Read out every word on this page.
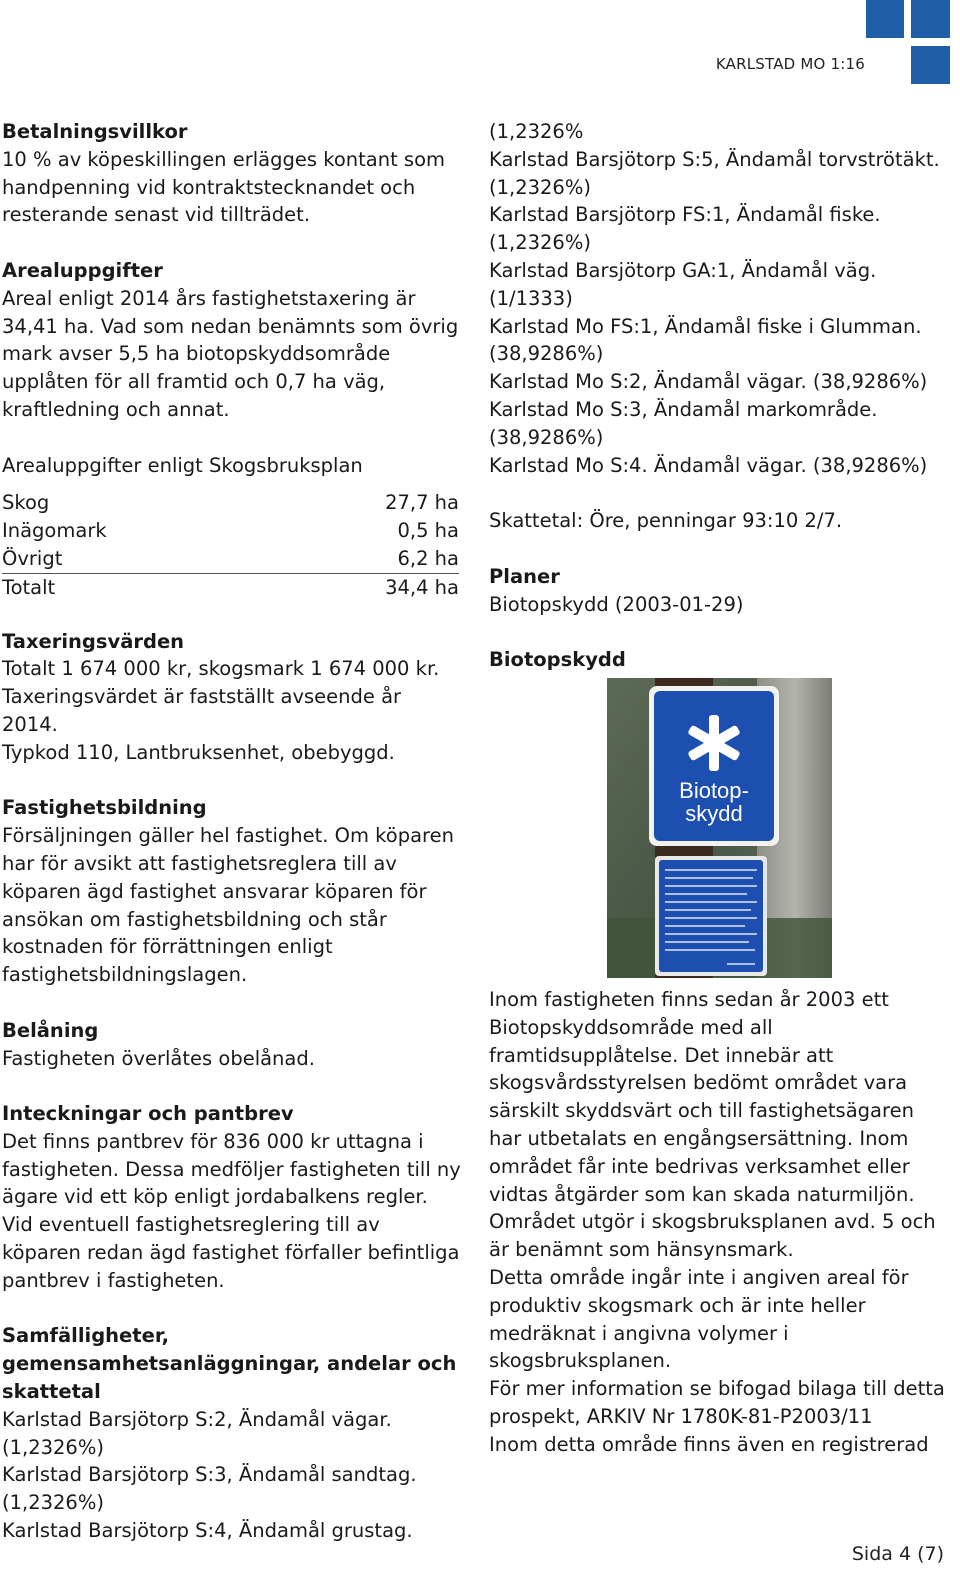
KARLSTAD MO 1:16
Betalningsvillkor
10 % av köpeskillingen erlägges kontant som handpenning vid kontraktstecknandet och resterande senast vid tillträdet.
Arealuppgifter
Areal enligt 2014 års fastighetstaxering är 34,41 ha. Vad som nedan benämnts som övrig mark avser 5,5 ha biotopskyddsområde upplåten för all framtid och 0,7 ha väg, kraftledning och annat.
Arealuppgifter enligt Skogsbruksplan
Skog	27,7 ha
Inägomark	0,5 ha
Övrigt	6,2 ha
Totalt	34,4 ha
Taxeringsvärden
Totalt 1 674 000 kr, skogsmark 1 674 000 kr.
Taxeringsvärdet är fastställt avseende år 2014.
Typkod 110, Lantbruksenhet, obebyggd.
Fastighetsbildning
Försäljningen gäller hel fastighet. Om köparen har för avsikt att fastighetsreglera till av köparen ägd fastighet ansvarar köparen för ansökan om fastighetsbildning och står kostnaden för förrättningen enligt fastighetsbildningslagen.
Belåning
Fastigheten överlåtes obelånad.
Inteckningar och pantbrev
Det finns pantbrev för 836 000 kr uttagna i fastigheten. Dessa medföljer fastigheten till ny ägare vid ett köp enligt jordabalkens regler. Vid eventuell fastighetsreglering till av köparen redan ägd fastighet förfaller befintliga pantbrev i fastigheten.
Samfälligheter, gemensamhetsanläggningar, andelar och skattetal
Karlstad Barsjötorp S:2, Ändamål vägar.
(1,2326%)
Karlstad Barsjötorp S:3, Ändamål sandtag.
(1,2326%)
Karlstad Barsjötorp S:4, Ändamål grustag.
(1,2326%
Karlstad Barsjötorp S:5, Ändamål torvströtäkt.
(1,2326%)
Karlstad Barsjötorp FS:1, Ändamål fiske.
(1,2326%)
Karlstad Barsjötorp GA:1, Ändamål väg.
(1/1333)
Karlstad Mo FS:1, Ändamål fiske i Glumman.
(38,9286%)
Karlstad Mo S:2, Ändamål vägar. (38,9286%)
Karlstad Mo S:3, Ändamål markområde.
(38,9286%)
Karlstad Mo S:4. Ändamål vägar. (38,9286%)
Skattetal: Öre, penningar 93:10 2/7.
Planer
Biotopskydd (2003-01-29)
Biotopskydd
Biotop-
skydd
Inom fastigheten finns sedan år 2003 ett Biotopskyddsområde med all framtidsupplåtelse. Det innebär att skogsvårdsstyrelsen bedömt området vara särskilt skyddsvärt och till fastighetsägaren har utbetalats en engångsersättning. Inom området får inte bedrivas verksamhet eller vidtas åtgärder som kan skada naturmiljön. Området utgör i skogsbruksplanen avd. 5 och är benämnt som hänsynsmark.
Detta område ingår inte i angiven areal för produktiv skogsmark och är inte heller medräknat i angivna volymer i skogsbruksplanen.
För mer information se bifogad bilaga till detta prospekt, ARKIV Nr 1780K-81-P2003/11
Inom detta område finns även en registrerad
Sida 4 (7)
